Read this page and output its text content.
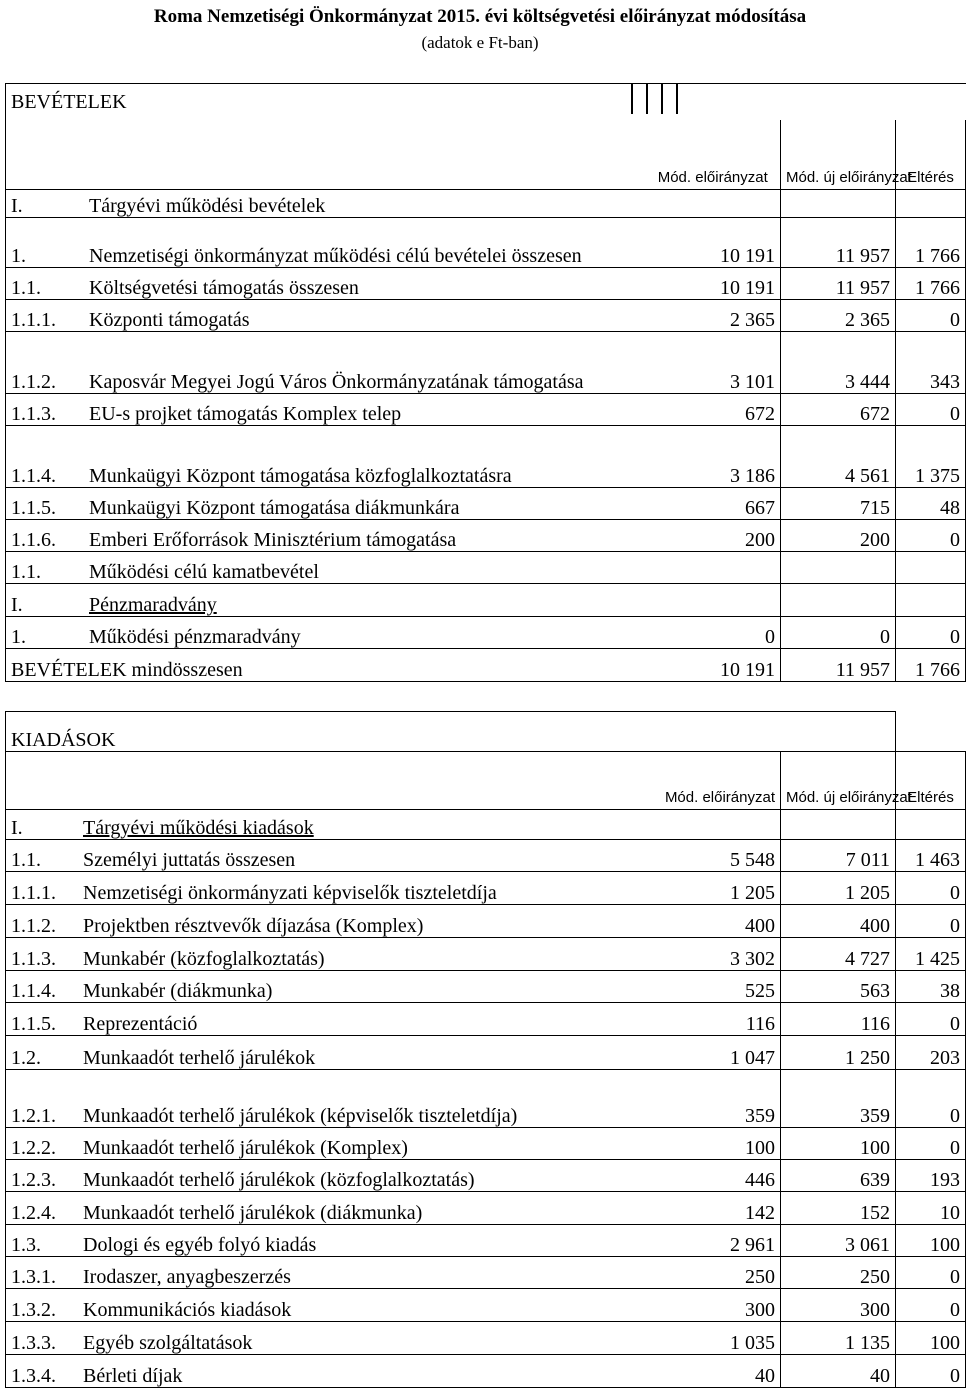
Roma Nemzetiségi Önkormányzat 2015. évi költségvetési előirányzat módosítása
(adatok e Ft-ban)
BEVÉTELEK			
	Mód. előirányzat	Mód. új előirányzat	Eltérés
I. Tárgyévi működési bevételek			
1. Nemzetiségi önkormányzat működési célú bevételei összesen	10 191	11 957	1 766
1.1. Költségvetési támogatás összesen	10 191	11 957	1 766
1.1.1. Központi támogatás	2 365	2 365	0
1.1.2. Kaposvár Megyei Jogú Város Önkormányzatának támogatása	3 101	3 444	343
1.1.3. EU-s projket támogatás Komplex telep	672	672	0
1.1.4. Munkaügyi Központ támogatása közfoglalkoztatásra	3 186	4 561	1 375
1.1.5. Munkaügyi Központ támogatása diákmunkára	667	715	48
1.1.6. Emberi Erőforrások Minisztérium támogatása	200	200	0
1.1. Működési célú kamatbevétel			
I. Pénzmaradvány			
1. Működési pénzmaradvány	0	0	0
BEVÉTELEK mindösszesen	10 191	11 957	1 766

KIADÁSOK			
	Mód. előirányzat	Mód. új előirányzat	Eltérés
I. Tárgyévi működési kiadások			
1.1. Személyi juttatás összesen	5 548	7 011	1 463
1.1.1. Nemzetiségi önkormányzati képviselők tiszteletdíja	1 205	1 205	0
1.1.2. Projektben résztvevők díjazása (Komplex)	400	400	0
1.1.3. Munkabér (közfoglalkoztatás)	3 302	4 727	1 425
1.1.4. Munkabér (diákmunka)	525	563	38
1.1.5. Reprezentáció	116	116	0
1.2. Munkaadót terhelő járulékok	1 047	1 250	203
1.2.1. Munkaadót terhelő járulékok (képviselők tiszteletdíja)	359	359	0
1.2.2. Munkaadót terhelő járulékok (Komplex)	100	100	0
1.2.3. Munkaadót terhelő járulékok (közfoglalkoztatás)	446	639	193
1.2.4. Munkaadót terhelő járulékok (diákmunka)	142	152	10
1.3. Dologi és egyéb folyó kiadás	2 961	3 061	100
1.3.1. Irodaszer, anyagbeszerzés	250	250	0
1.3.2. Kommunikációs kiadások	300	300	0
1.3.3. Egyéb szolgáltatások	1 035	1 135	100
1.3.4. Bérleti díjak	40	40	0
